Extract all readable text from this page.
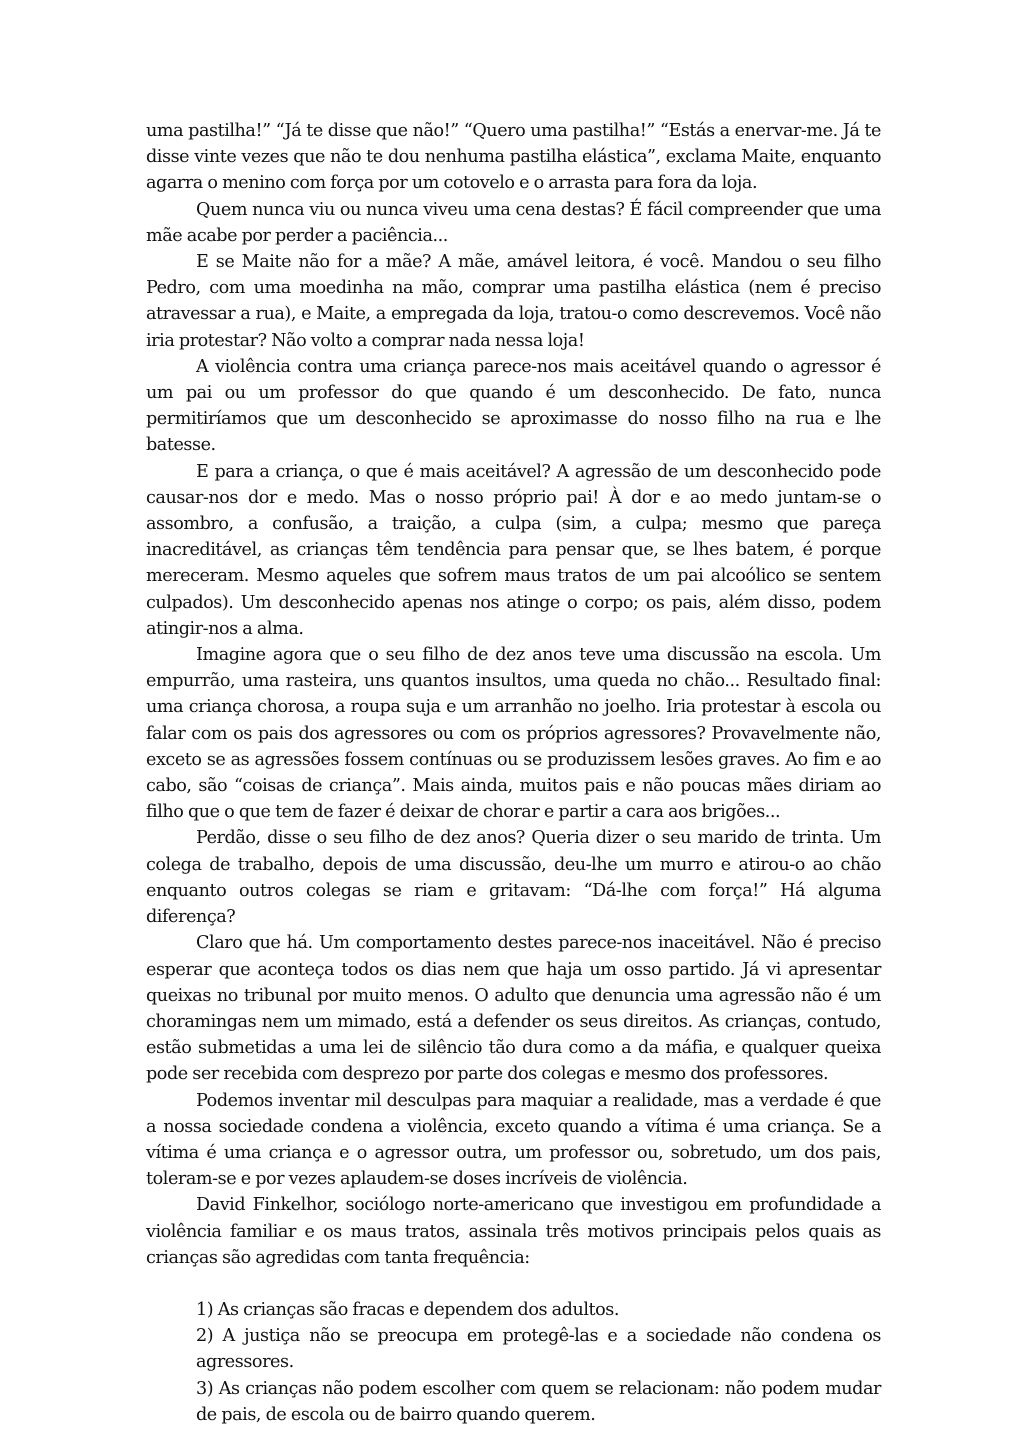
uma pastilha!” “Já te disse que não!” “Quero uma pastilha!” “Estás a enervar-me. Já te disse vinte vezes que não te dou nenhuma pastilha elástica”, exclama Maite, enquanto agarra o menino com força por um cotovelo e o arrasta para fora da loja.

Quem nunca viu ou nunca viveu uma cena destas? É fácil compreender que uma mãe acabe por perder a paciência...

E se Maite não for a mãe? A mãe, amável leitora, é você. Mandou o seu filho Pedro, com uma moedinha na mão, comprar uma pastilha elástica (nem é preciso atravessar a rua), e Maite, a empregada da loja, tratou-o como descrevemos. Você não iria protestar? Não volto a comprar nada nessa loja!

A violência contra uma criança parece-nos mais aceitável quando o agressor é um pai ou um professor do que quando é um desconhecido. De fato, nunca permitiríamos que um desconhecido se aproximasse do nosso filho na rua e lhe batesse.

E para a criança, o que é mais aceitável? A agressão de um desconhecido pode causar-nos dor e medo. Mas o nosso próprio pai! À dor e ao medo juntam-se o assombro, a confusão, a traição, a culpa (sim, a culpa; mesmo que pareça inacreditável, as crianças têm tendência para pensar que, se lhes batem, é porque mereceram. Mesmo aqueles que sofrem maus tratos de um pai alcoólico se sentem culpados). Um desconhecido apenas nos atinge o corpo; os pais, além disso, podem atingir-nos a alma.

Imagine agora que o seu filho de dez anos teve uma discussão na escola. Um empurrão, uma rasteira, uns quantos insultos, uma queda no chão... Resultado final: uma criança chorosa, a roupa suja e um arranhão no joelho. Iria protestar à escola ou falar com os pais dos agressores ou com os próprios agressores? Provavelmente não, exceto se as agressões fossem contínuas ou se produzissem lesões graves. Ao fim e ao cabo, são “coisas de criança”. Mais ainda, muitos pais e não poucas mães diriam ao filho que o que tem de fazer é deixar de chorar e partir a cara aos brigões...

Perdão, disse o seu filho de dez anos? Queria dizer o seu marido de trinta. Um colega de trabalho, depois de uma discussão, deu-lhe um murro e atirou-o ao chão enquanto outros colegas se riam e gritavam: “Dá-lhe com força!” Há alguma diferença?

Claro que há. Um comportamento destes parece-nos inaceitável. Não é preciso esperar que aconteça todos os dias nem que haja um osso partido. Já vi apresentar queixas no tribunal por muito menos. O adulto que denuncia uma agressão não é um choramingas nem um mimado, está a defender os seus direitos. As crianças, contudo, estão submetidas a uma lei de silêncio tão dura como a da máfia, e qualquer queixa pode ser recebida com desprezo por parte dos colegas e mesmo dos professores.

Podemos inventar mil desculpas para maquiar a realidade, mas a verdade é que a nossa sociedade condena a violência, exceto quando a vítima é uma criança. Se a vítima é uma criança e o agressor outra, um professor ou, sobretudo, um dos pais, toleram-se e por vezes aplaudem-se doses incríveis de violência.

David Finkelhor, sociólogo norte-americano que investigou em profundidade a violência familiar e os maus tratos, assinala três motivos principais pelos quais as crianças são agredidas com tanta frequência:

1) As crianças são fracas e dependem dos adultos.
2) A justiça não se preocupa em protegê-las e a sociedade não condena os agressores.
3) As crianças não podem escolher com quem se relacionam: não podem mudar de pais, de escola ou de bairro quando querem.
